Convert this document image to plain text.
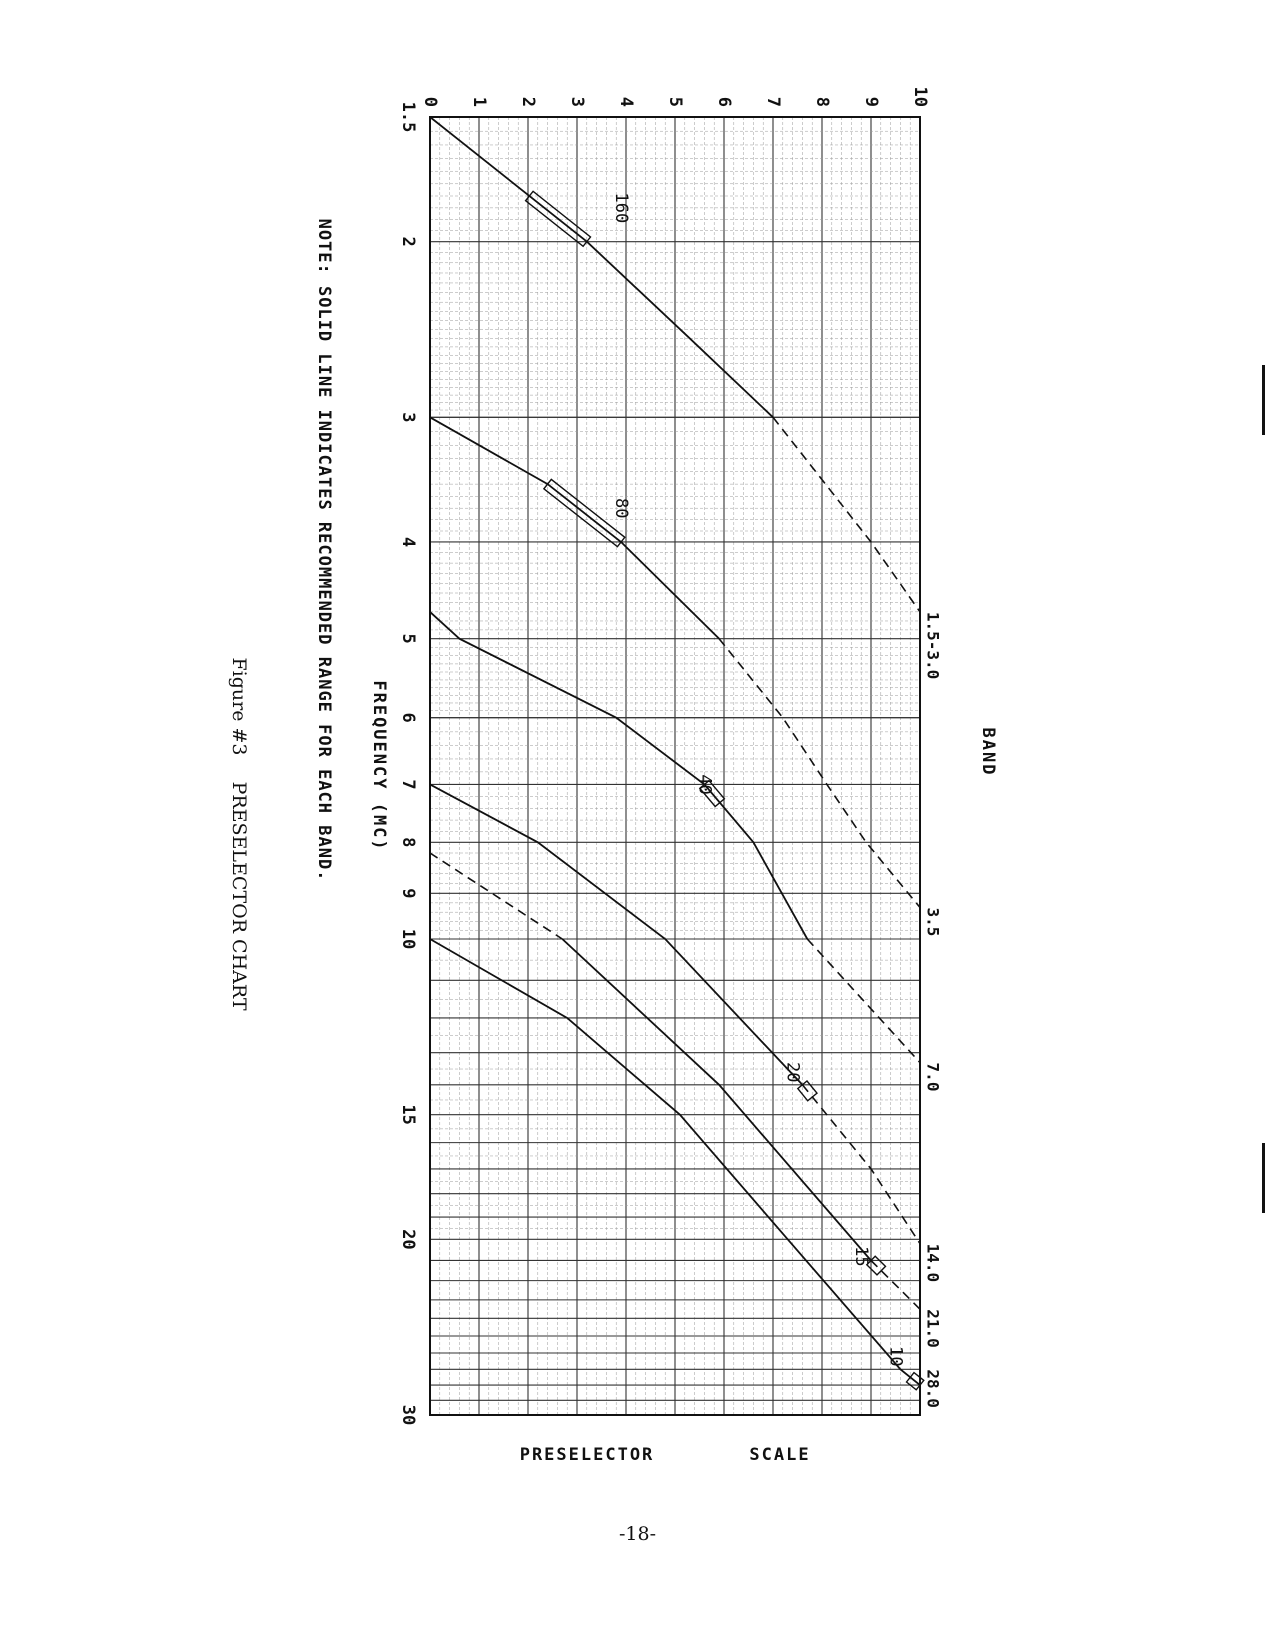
160
80
40
20
15
10
1.5
2
3
4
5
6
7
8
9
10
15
20
30
0 1 2 3 4 5 6 7 8 9 10
1.5-3.0
3.5
7.0
14.0
21.0
28.0
BAND
FREQUENCY (MC)
NOTE: SOLID LINE INDICATES RECOMMENDED RANGE FOR EACH BAND.
Figure #3 PRESELECTOR CHART
PRESELECTOR	SCALE
-18-
